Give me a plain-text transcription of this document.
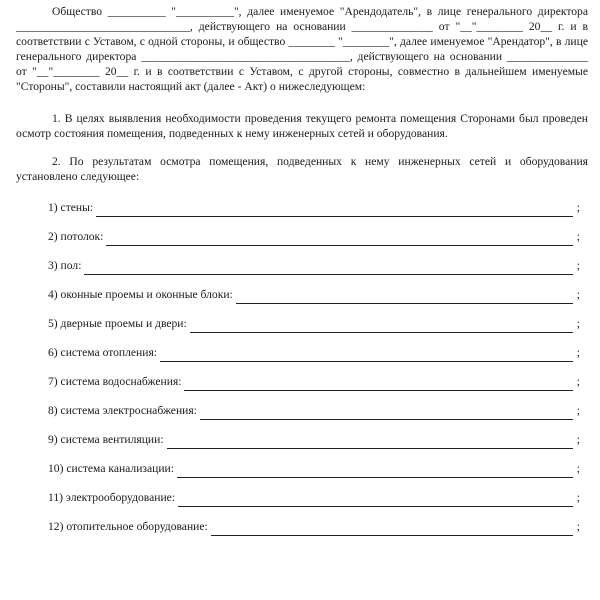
Общество __________ "__________", далее именуемое "Арендодатель", в лице генерального директора ______________________________, действующего на основании ______________ от "__"________ 20__ г. и в соответствии с Уставом, с одной стороны, и общество ________ "________", далее именуемое "Арендатор", в лице генерального директора ____________________________________, действующего на основании ______________ от "__"________ 20__ г. и в соответствии с Уставом, с другой стороны, совместно в дальнейшем именуемые "Стороны", составили настоящий акт (далее - Акт) о нижеследующем:

1. В целях выявления необходимости проведения текущего ремонта помещения Сторонами был проведен осмотр состояния помещения, подведенных к нему инженерных сетей и оборудования.

2. По результатам осмотра помещения, подведенных к нему инженерных сетей и оборудования установлено следующее:

1) стены:	;
2) потолок:	;
3) пол:	;
4) оконные проемы и оконные блоки:	;
5) дверные проемы и двери:	;
6) система отопления:	;
7) система водоснабжения:	;
8) система электроснабжения:	;
9) система вентиляции:	;
10) система канализации:	;
11) электрооборудование:	;
12) отопительное оборудование:	;
